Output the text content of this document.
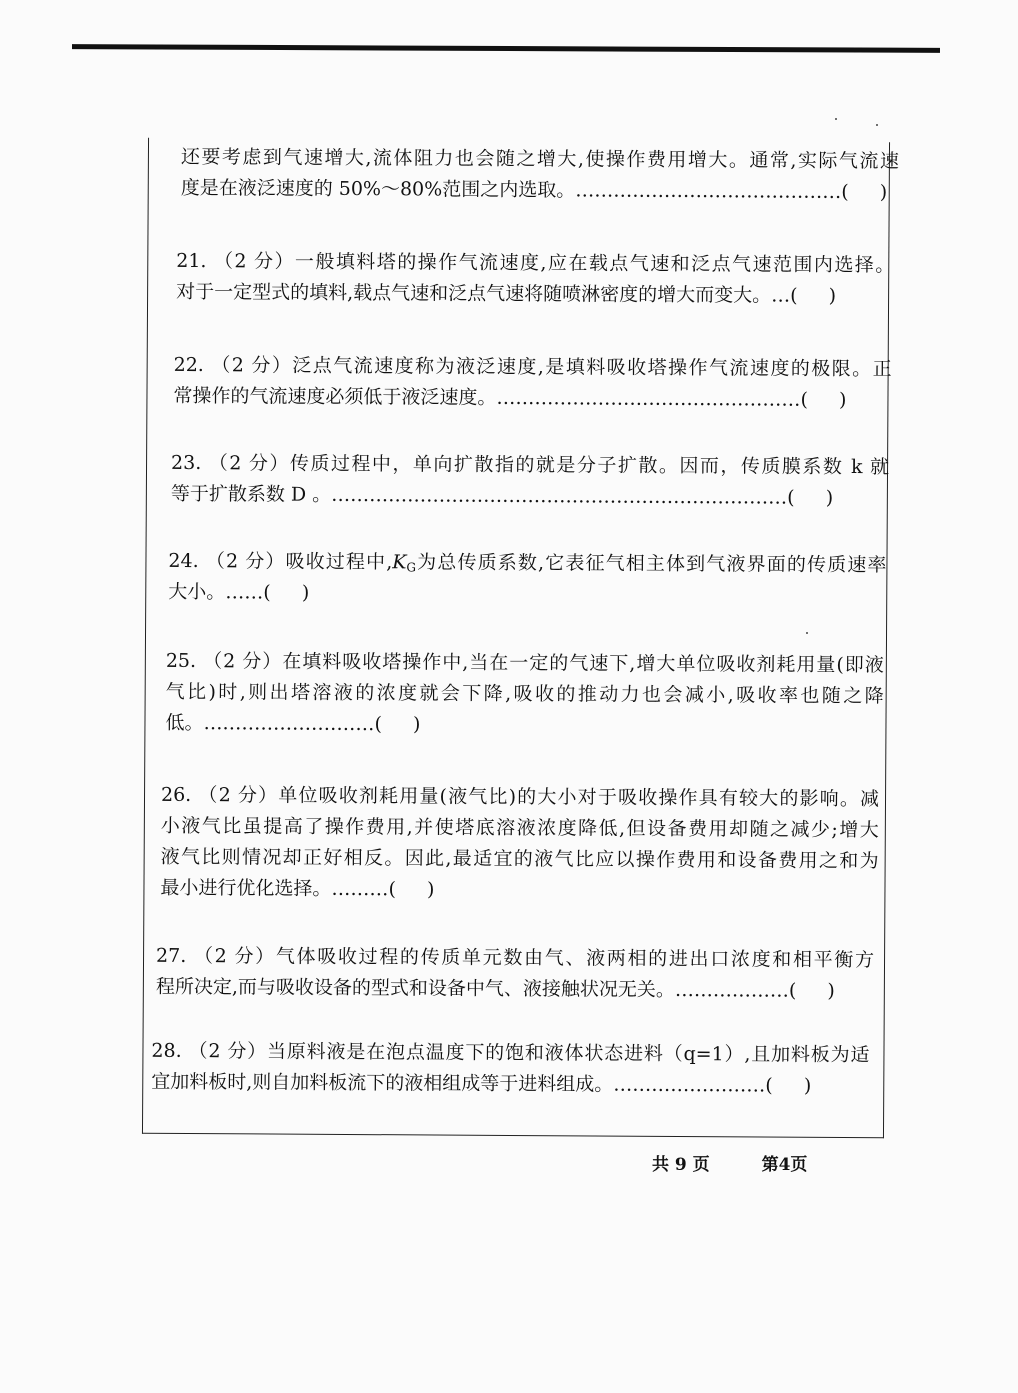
还要考虑到气速增大,流体阻力也会随之增大,使操作费用增大。通常,实际气流速
度是在液泛速度的 50%～80%范围之内选取。……………………………………( )
21. （2 分）一般填料塔的操作气流速度,应在载点气速和泛点气速范围内选择。
对于一定型式的填料,载点气速和泛点气速将随喷淋密度的增大而变大。…( )
22. （2 分）泛点气流速度称为液泛速度,是填料吸收塔操作气流速度的极限。正
常操作的气流速度必须低于液泛速度。…………………………………………( )
23. （2 分）传质过程中，单向扩散指的就是分子扩散。因而，传质膜系数 k 就
等于扩散系数 D 。………………………………………………………………( )
24. （2 分）吸收过程中$,K_G$为总传质系数,它表征气相主体到气液界面的传质速率
大小。……( )
25. （2 分）在填料吸收塔操作中,当在一定的气速下,增大单位吸收剂耗用量(即液
气比)时,则出塔溶液的浓度就会下降,吸收的推动力也会减小,吸收率也随之降
低。………………………( )
26. （2 分）单位吸收剂耗用量(液气比)的大小对于吸收操作具有较大的影响。减
小液气比虽提高了操作费用,并使塔底溶液浓度降低,但设备费用却随之减少;增大
液气比则情况却正好相反。因此,最适宜的液气比应以操作费用和设备费用之和为
最小进行优化选择。………( )
27. （2 分）气体吸收过程的传质单元数由气、液两相的进出口浓度和相平衡方
程所决定,而与吸收设备的型式和设备中气、液接触状况无关。………………( )
28. （2 分）当原料液是在泡点温度下的饱和液体状态进料（q=1）,且加料板为适
宜加料板时,则自加料板流下的液相组成等于进料组成。……………………( )
共 9 页	第4页
